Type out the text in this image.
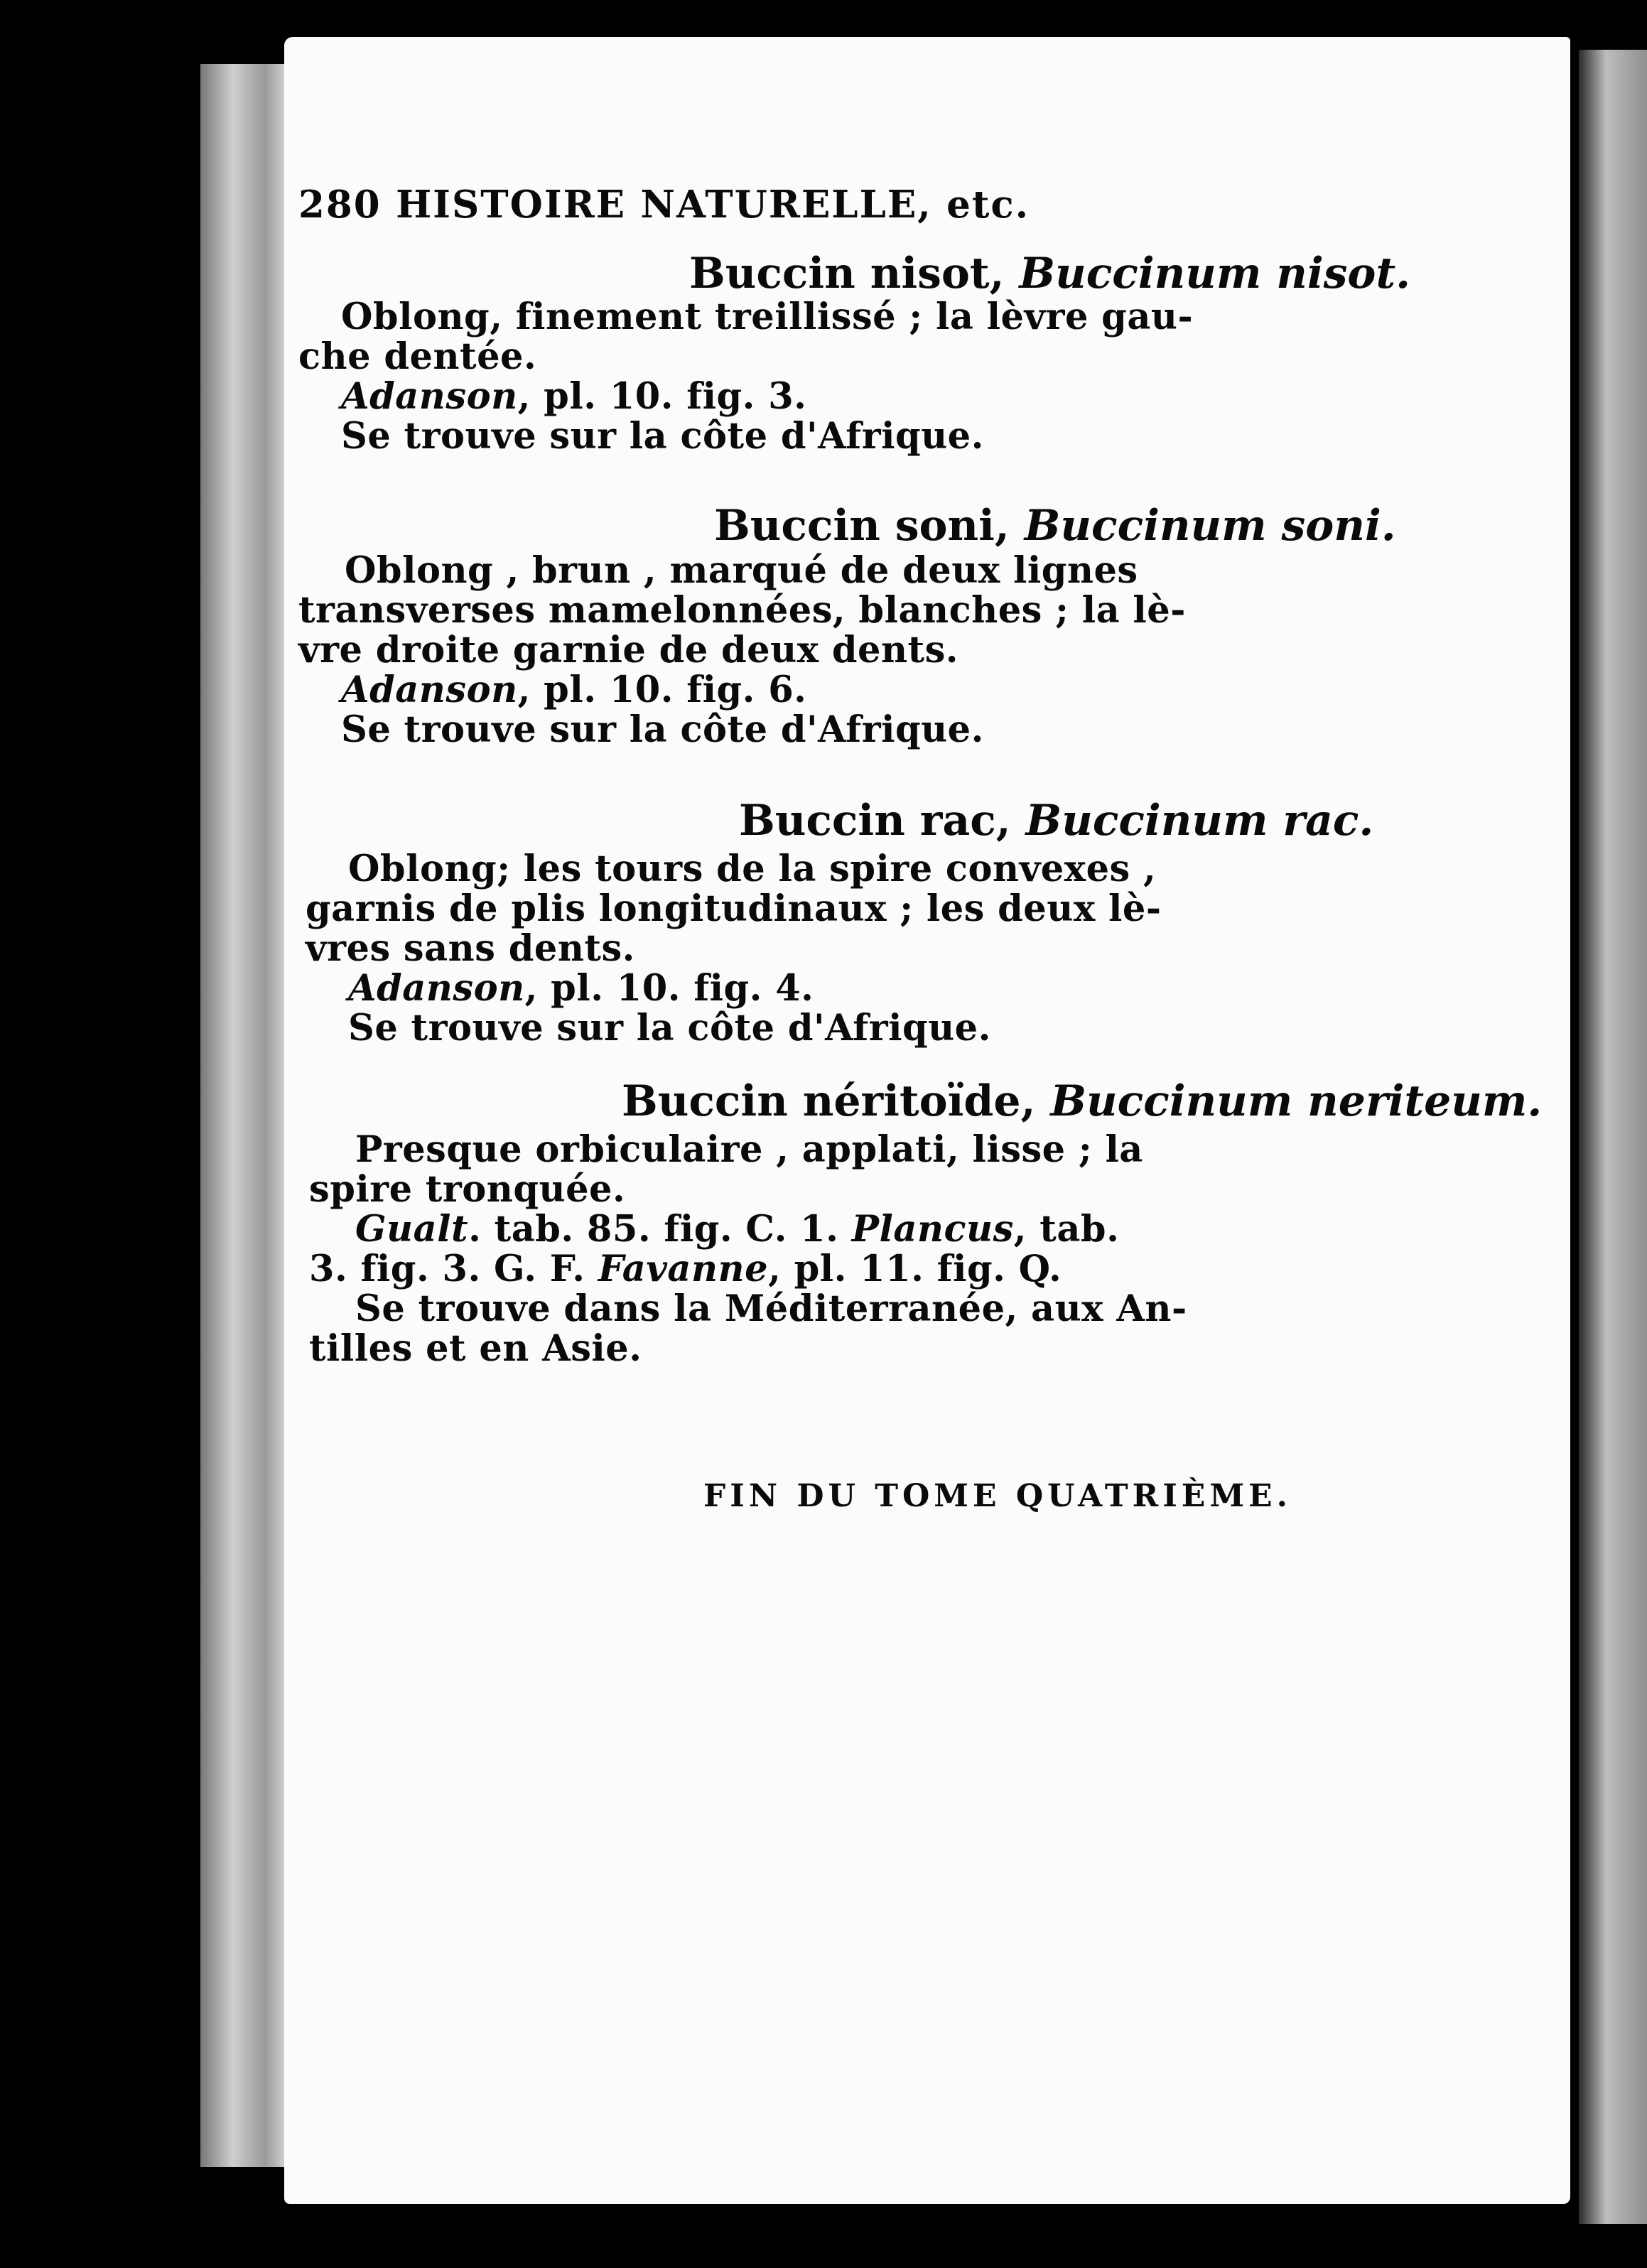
280 HISTOIRE NATURELLE, etc.
Buccin nisot, Buccinum nisot.
Oblong, finement treillissé ; la lèvre gau-
che dentée.
Adanson, pl. 10. fig. 3.
Se trouve sur la côte d'Afrique.
Buccin soni, Buccinum soni.
Oblong , brun , marqué de deux lignes
transverses mamelonnées, blanches ; la lè-
vre droite garnie de deux dents.
Adanson, pl. 10. fig. 6.
Se trouve sur la côte d'Afrique.
Buccin rac, Buccinum rac.
Oblong; les tours de la spire convexes ,
garnis de plis longitudinaux ; les deux lè-
vres sans dents.
Adanson, pl. 10. fig. 4.
Se trouve sur la côte d'Afrique.
Buccin néritoïde, Buccinum neriteum.
Presque orbiculaire , applati, lisse ; la
spire tronquée.
Gualt. tab. 85. fig. C. 1. Plancus, tab.
3. fig. 3. G. F. Favanne, pl. 11. fig. Q.
Se trouve dans la Méditerranée, aux An-
tilles et en Asie.
FIN DU TOME QUATRIÈME.
